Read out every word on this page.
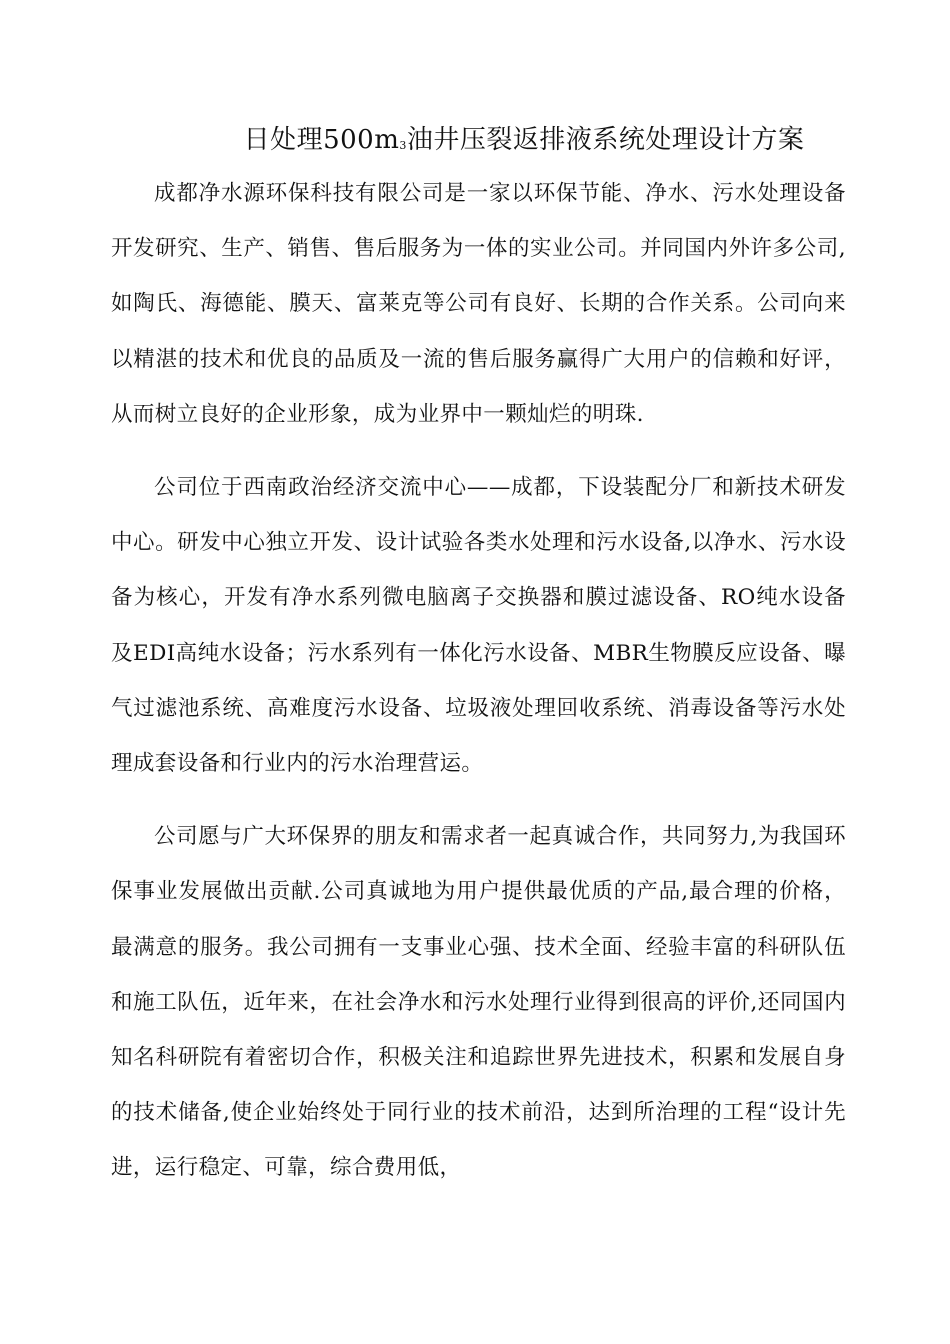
日处理$500m_3$油井压裂返排液系统处理设计方案

成都净水源环保科技有限公司是一家以环保节能、净水、污水处理设备开发研究、生产、销售、售后服务为一体的实业公司。并同国内外许多公司,如陶氏、海德能、膜天、富莱克等公司有良好、长期的合作关系。公司向来以精湛的技术和优良的品质及一流的售后服务赢得广大用户的信赖和好评，从而树立良好的企业形象，成为业界中一颗灿烂的明珠.

公司位于西南政治经济交流中心——成都，下设装配分厂和新技术研发中心。研发中心独立开发、设计试验各类水处理和污水设备,以净水、污水设备为核心，开发有净水系列微电脑离子交换器和膜过滤设备、RO纯水设备及EDI高纯水设备；污水系列有一体化污水设备、MBR生物膜反应设备、曝气过滤池系统、高难度污水设备、垃圾液处理回收系统、消毒设备等污水处理成套设备和行业内的污水治理营运。

公司愿与广大环保界的朋友和需求者一起真诚合作，共同努力,为我国环保事业发展做出贡献.公司真诚地为用户提供最优质的产品,最合理的价格，最满意的服务。我公司拥有一支事业心强、技术全面、经验丰富的科研队伍和施工队伍，近年来，在社会净水和污水处理行业得到很高的评价,还同国内知名科研院有着密切合作，积极关注和追踪世界先进技术，积累和发展自身的技术储备,使企业始终处于同行业的技术前沿，达到所治理的工程“设计先进，运行稳定、可靠，综合费用低，
